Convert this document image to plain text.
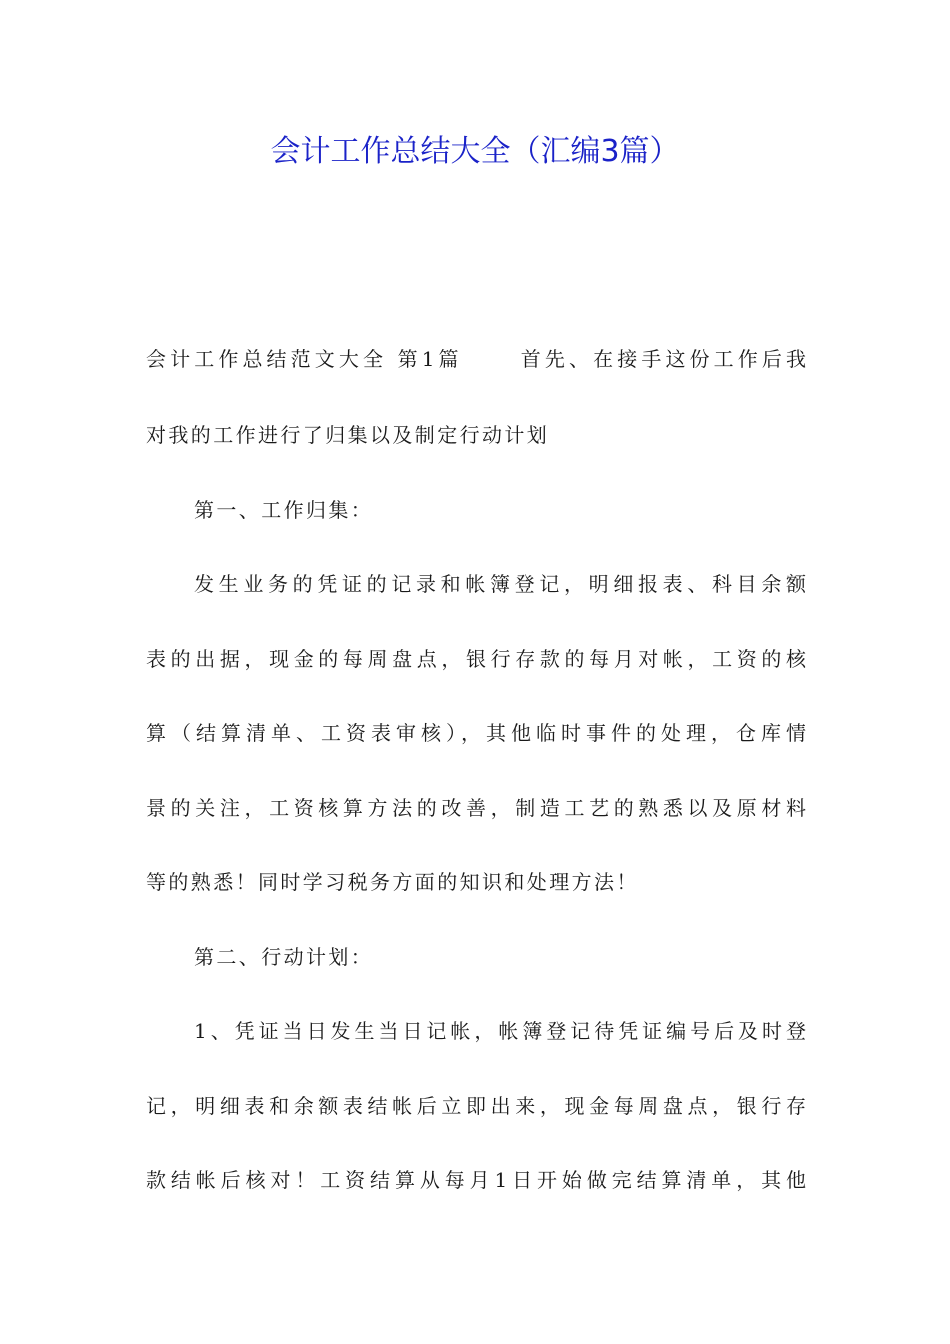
会计工作总结大全（汇编3篇）
会计工作总结范文大全 第1篇	首先、在接手这份工作后我
对我的工作进行了归集以及制定行动计划
第一、工作归集：
发生业务的凭证的记录和帐簿登记，明细报表、科目余额
表的出据，现金的每周盘点，银行存款的每月对帐，工资的核
算（结算清单、工资表审核），其他临时事件的处理，仓库情
景的关注，工资核算方法的改善，制造工艺的熟悉以及原材料
等的熟悉！同时学习税务方面的知识和处理方法！
第二、行动计划：
1、凭证当日发生当日记帐，帐簿登记待凭证编号后及时登
记，明细表和余额表结帐后立即出来，现金每周盘点，银行存
款结帐后核对！工资结算从每月1日开始做完结算清单，其他
